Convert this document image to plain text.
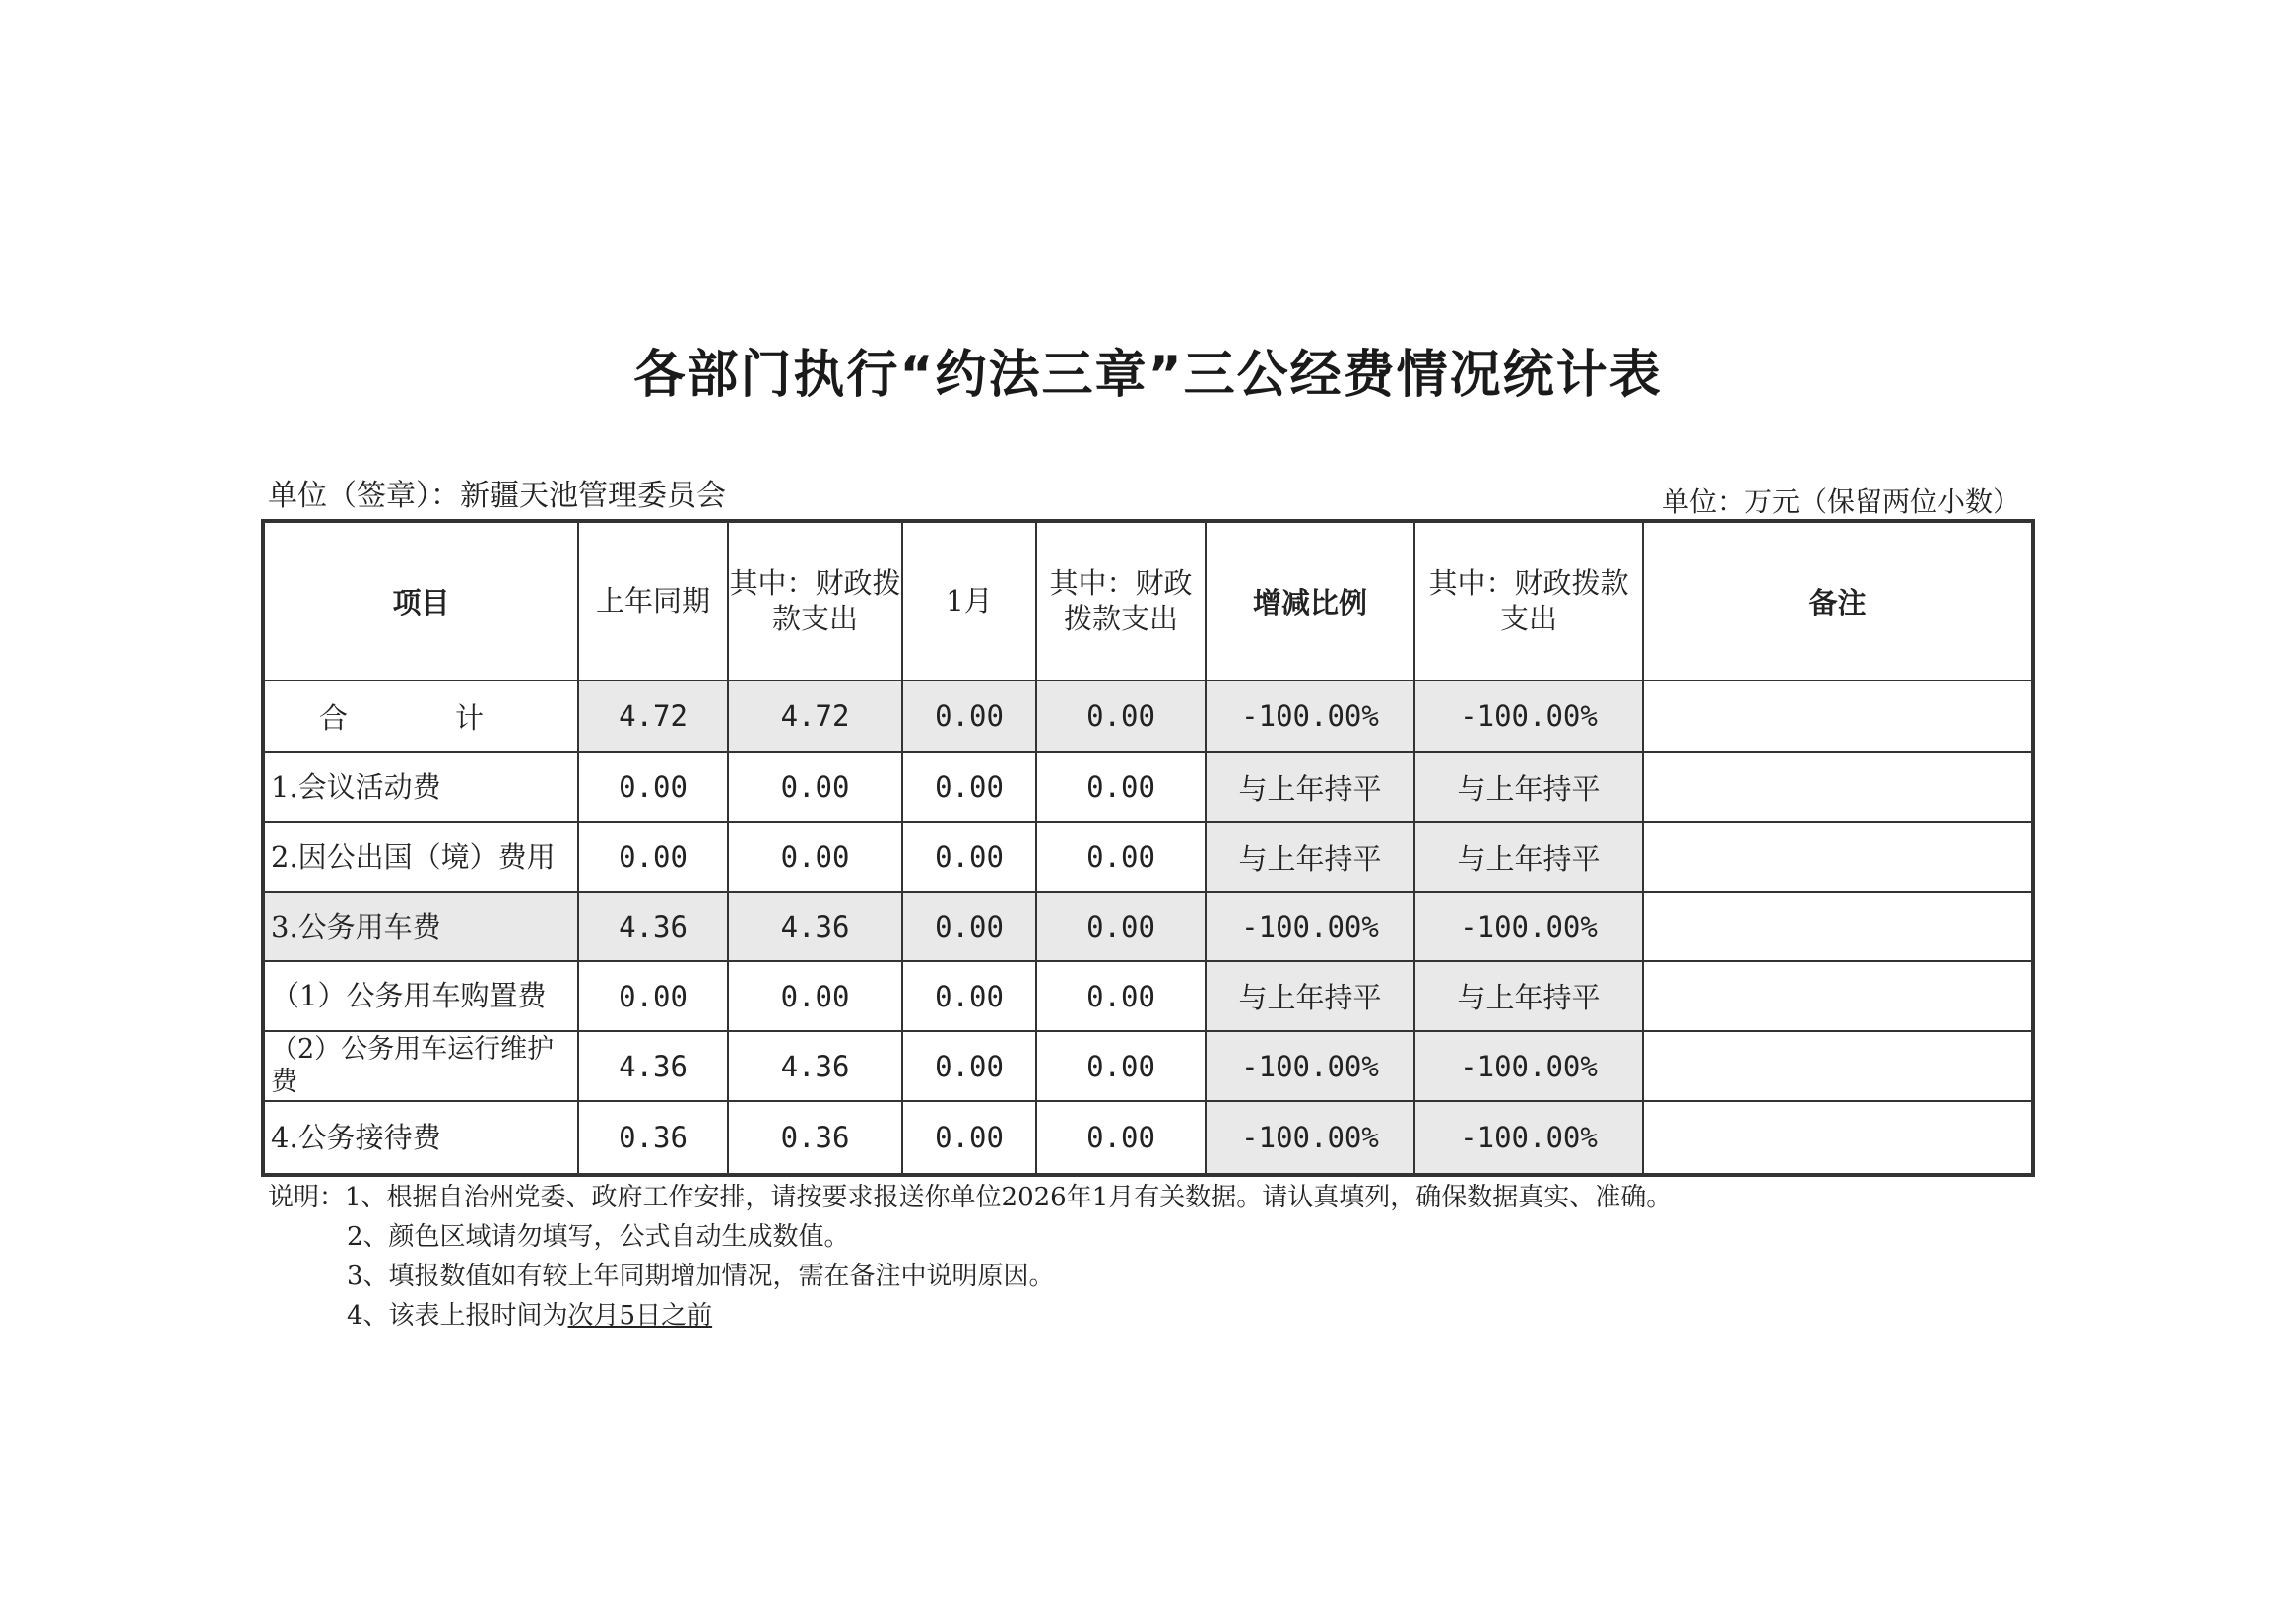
各部门执行“约法三章”三公经费情况统计表
单位（签章）：新疆天池管理委员会	单位：万元（保留两位小数）
项目	上年同期	其中：财政拨款支出	1月	其中：财政拨款支出	增减比例	其中：财政拨款支出	备注
合　计	4.72	4.72	0.00	0.00	-100.00%	-100.00%	
1.会议活动费	0.00	0.00	0.00	0.00	与上年持平	与上年持平	
2.因公出国（境）费用	0.00	0.00	0.00	0.00	与上年持平	与上年持平	
3.公务用车费	4.36	4.36	0.00	0.00	-100.00%	-100.00%	
（1）公务用车购置费	0.00	0.00	0.00	0.00	与上年持平	与上年持平	
（2）公务用车运行维护费	4.36	4.36	0.00	0.00	-100.00%	-100.00%	
4.公务接待费	0.36	0.36	0.00	0.00	-100.00%	-100.00%	
说明：1、根据自治州党委、政府工作安排，请按要求报送你单位2026年1月有关数据。请认真填列，确保数据真实、准确。
2、颜色区域请勿填写，公式自动生成数值。
3、填报数值如有较上年同期增加情况，需在备注中说明原因。
4、该表上报时间为次月5日之前
